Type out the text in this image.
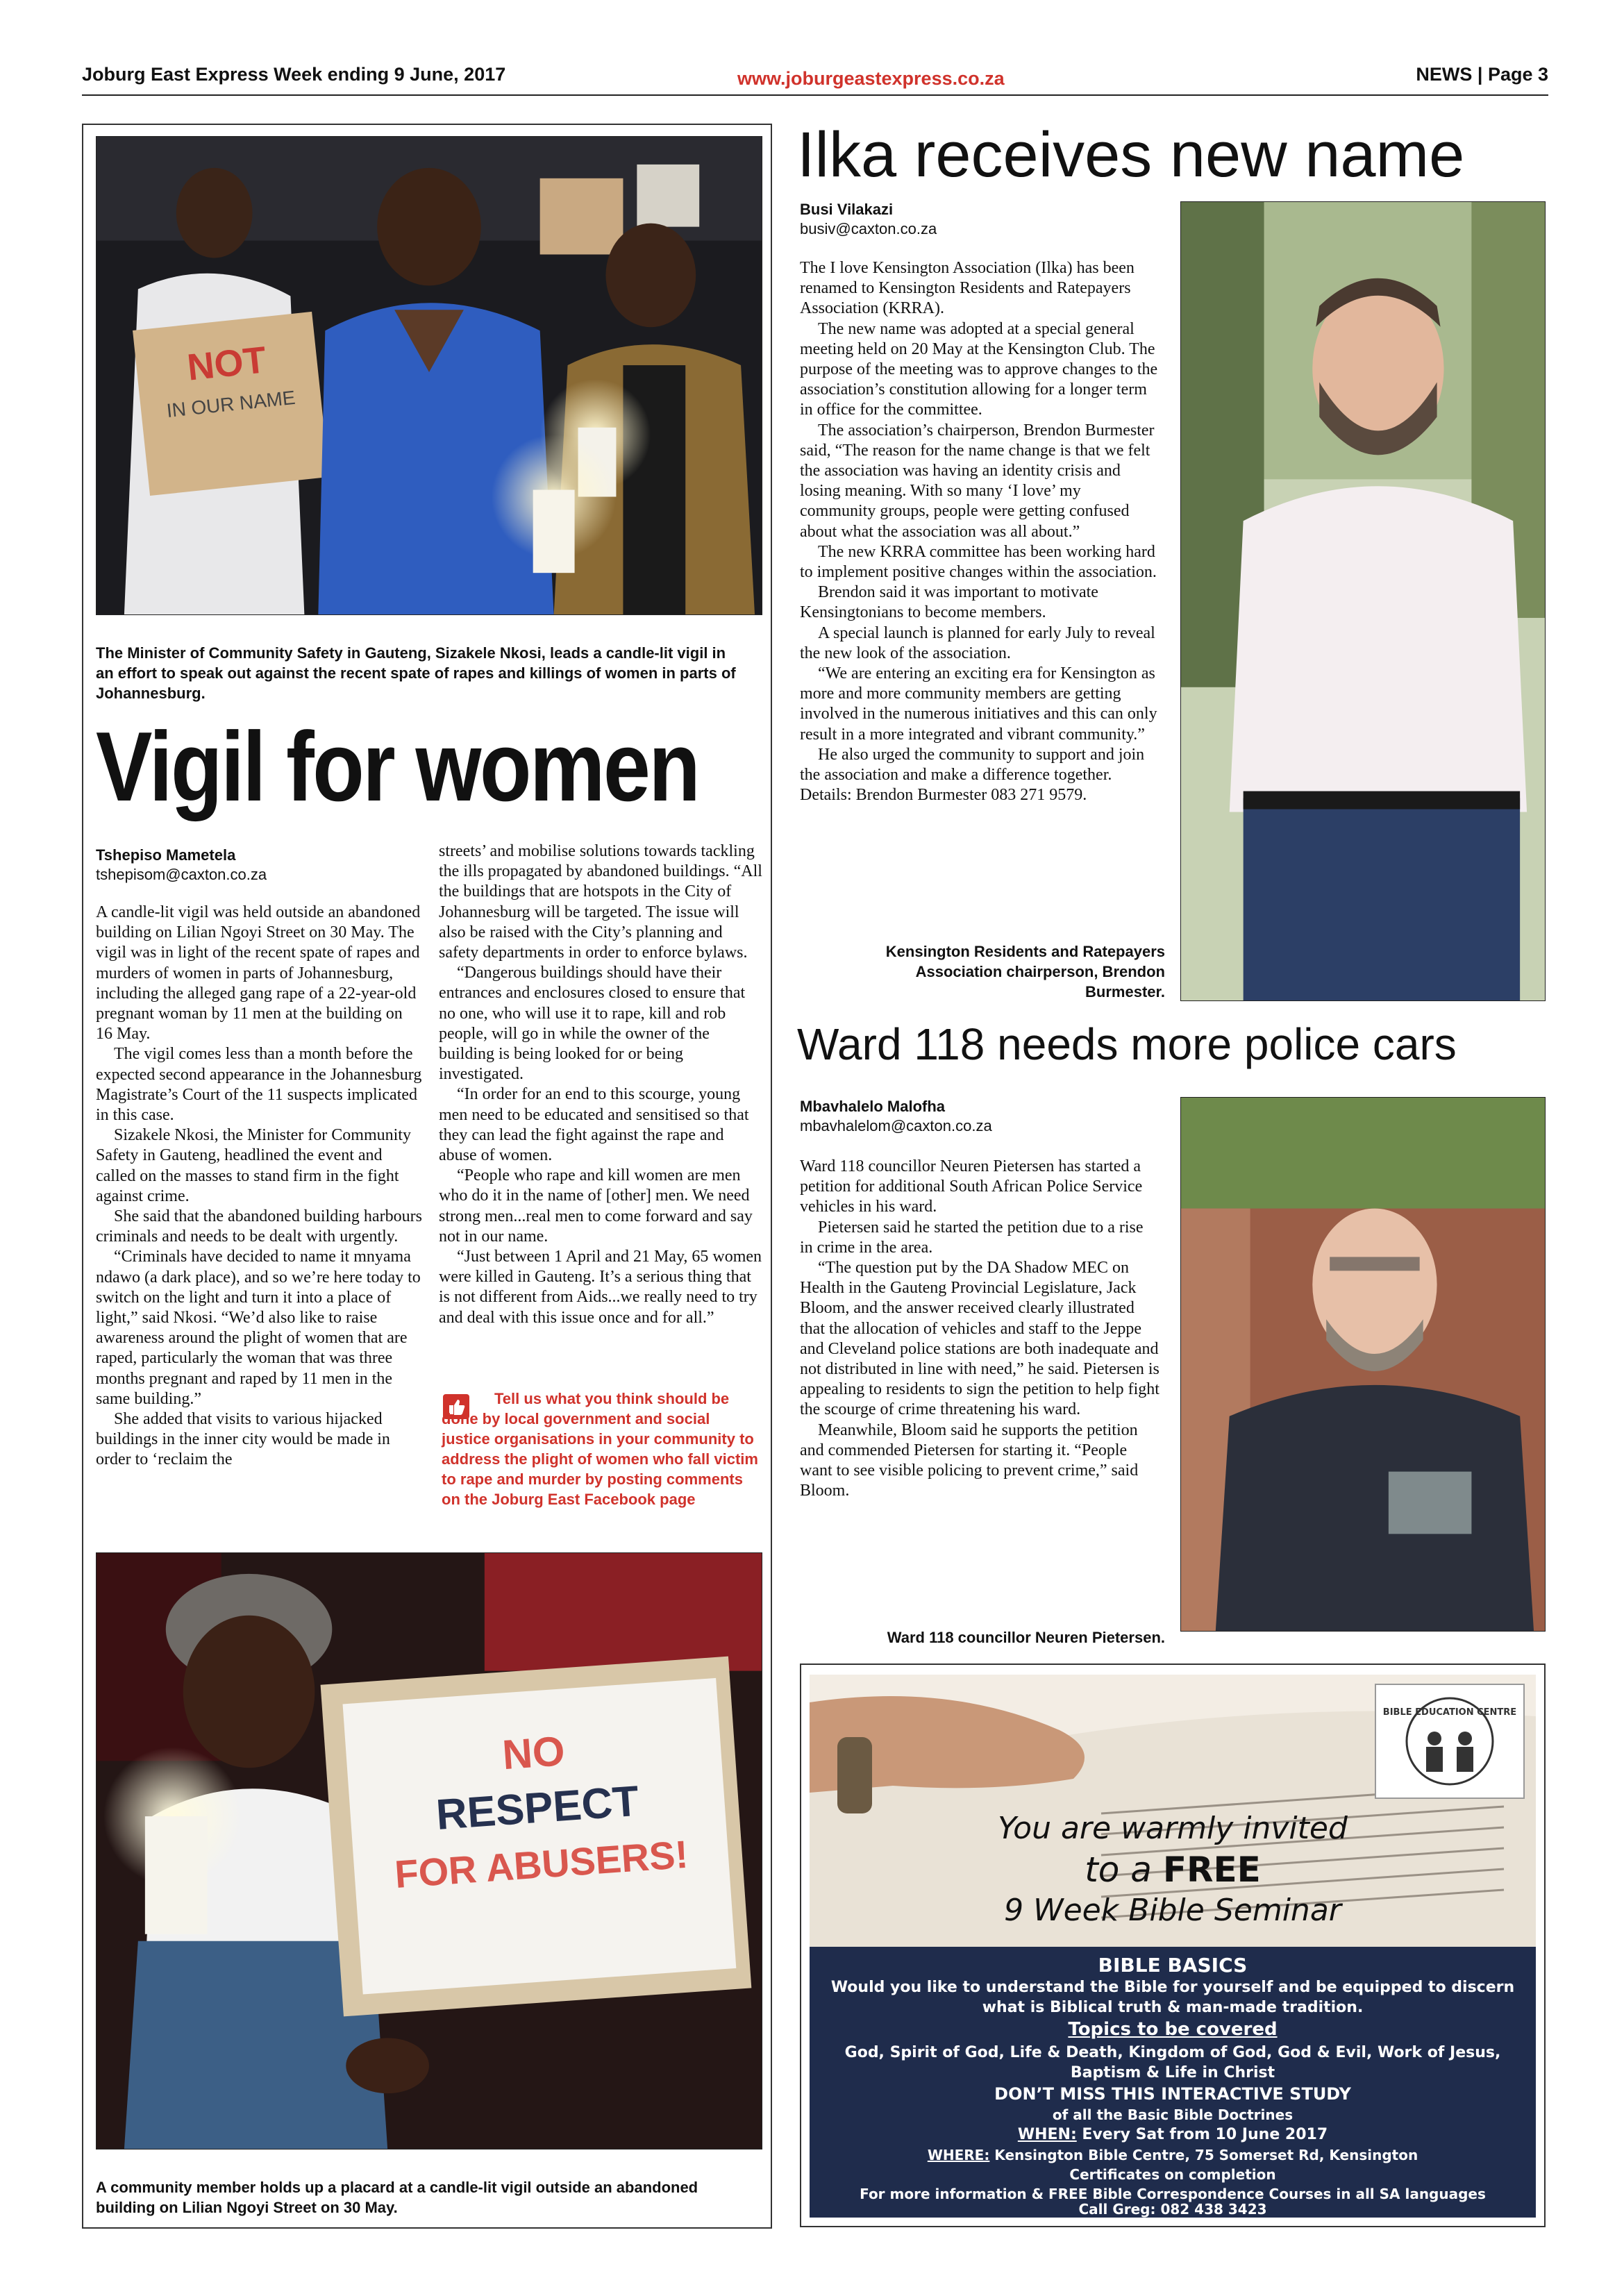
Joburg East Express Week ending 9 June, 2017	www.joburgeastexpress.co.za	NEWS | Page 3
NOT
IN OUR NAME
The Minister of Community Safety in Gauteng, Sizakele Nkosi, leads a candle-lit vigil in an effort to speak out against the recent spate of rapes and killings of women in parts of Johannesburg.
Vigil for women
Tshepiso Mametela
tshepisom@caxton.co.za

A candle-lit vigil was held outside an abandoned building on Lilian Ngoyi Street on 30 May. The vigil was in light of the recent spate of rapes and murders of women in parts of Johannesburg, including the alleged gang rape of a 22-year-old pregnant woman by 11 men at the building on 16 May.

The vigil comes less than a month before the expected second appearance in the Johannesburg Magistrate’s Court of the 11 suspects implicated in this case.

Sizakele Nkosi, the Minister for Community Safety in Gauteng, headlined the event and called on the masses to stand firm in the fight against crime.

She said that the abandoned building harbours criminals and needs to be dealt with urgently.

“Criminals have decided to name it mnyama ndawo (a dark place), and so we’re here today to switch on the light and turn it into a place of light,” said Nkosi. “We’d also like to raise awareness around the plight of women that are raped, particularly the woman that was three months pregnant and raped by 11 men in the same building.”

She added that visits to various hijacked buildings in the inner city would be made in order to ‘reclaim the

streets’ and mobilise solutions towards tackling the ills propagated by abandoned buildings. “All the buildings that are hotspots in the City of Johannesburg will be targeted. The issue will also be raised with the City’s planning and safety departments in order to enforce bylaws.

“Dangerous buildings should have their entrances and enclosures closed to ensure that no one, who will use it to rape, kill and rob people, will go in while the owner of the building is being looked for or being investigated.

“In order for an end to this scourge, young men need to be educated and sensitised so that they can lead the fight against the rape and abuse of women.

“People who rape and kill women are men who do it in the name of [other] men. We need strong men...real men to come forward and say not in our name.

“Just between 1 April and 21 May, 65 women were killed in Gauteng. It’s a serious thing that is not different from Aids...we really need to try and deal with this issue once and for all.”

Tell us what you think should be done by local government and social justice organisations in your community to address the plight of women who fall victim to rape and murder by posting comments on the Joburg East Facebook page
NO
RESPECT
FOR ABUSERS!
A community member holds up a placard at a candle-lit vigil outside an abandoned building on Lilian Ngoyi Street on 30 May.
Ilka receives new name
Busi Vilakazi
busiv@caxton.co.za

The I love Kensington Association (Ilka) has been renamed to Kensington Residents and Ratepayers Association (KRRA).

The new name was adopted at a special general meeting held on 20 May at the Kensington Club. The purpose of the meeting was to approve changes to the association’s constitution allowing for a longer term in office for the committee.

The association’s chairperson, Brendon Burmester said, “The reason for the name change is that we felt the association was having an identity crisis and losing meaning. With so many ‘I love’ my community groups, people were getting confused about what the association was all about.”

The new KRRA committee has been working hard to implement positive changes within the association.

Brendon said it was important to motivate Kensingtonians to become members.

A special launch is planned for early July to reveal the new look of the association.

“We are entering an exciting era for Kensington as more and more community members are getting involved in the numerous initiatives and this can only result in a more integrated and vibrant community.”

He also urged the community to support and join the association and make a difference together.

Details: Brendon Burmester 083 271 9579.

Kensington Residents and Ratepayers Association chairperson, Brendon Burmester.
Ward 118 needs more police cars
Mbavhalelo Malofha
mbavhalelom@caxton.co.za

Ward 118 councillor Neuren Pietersen has started a petition for additional South African Police Service vehicles in his ward.

Pietersen said he started the petition due to a rise in crime in the area.

“The question put by the DA Shadow MEC on Health in the Gauteng Provincial Legislature, Jack Bloom, and the answer received clearly illustrated that the allocation of vehicles and staff to the Jeppe and Cleveland police stations are both inadequate and not distributed in line with need,” he said. Pietersen is appealing to residents to sign the petition to help fight the scourge of crime threatening his ward.

Meanwhile, Bloom said he supports the petition and commended Pietersen for starting it. “People want to see visible policing to prevent crime,” said Bloom.

Ward 118 councillor Neuren Pietersen.
BIBLE EDUCATION CENTRE
You are warmly invited
to a FREE
9 Week Bible Seminar
BIBLE BASICS
Would you like to understand the Bible for yourself and be equipped to discern what is Biblical truth & man-made tradition.
Topics to be covered
God, Spirit of God, Life & Death, Kingdom of God, God & Evil, Work of Jesus, Baptism & Life in Christ
DON’T MISS THIS INTERACTIVE STUDY
of all the Basic Bible Doctrines
WHEN: Every Sat from 10 June 2017
WHERE: Kensington Bible Centre, 75 Somerset Rd, Kensington
Certificates on completion
For more information & FREE Bible Correspondence Courses in all SA languages
Call Greg: 082 438 3423
